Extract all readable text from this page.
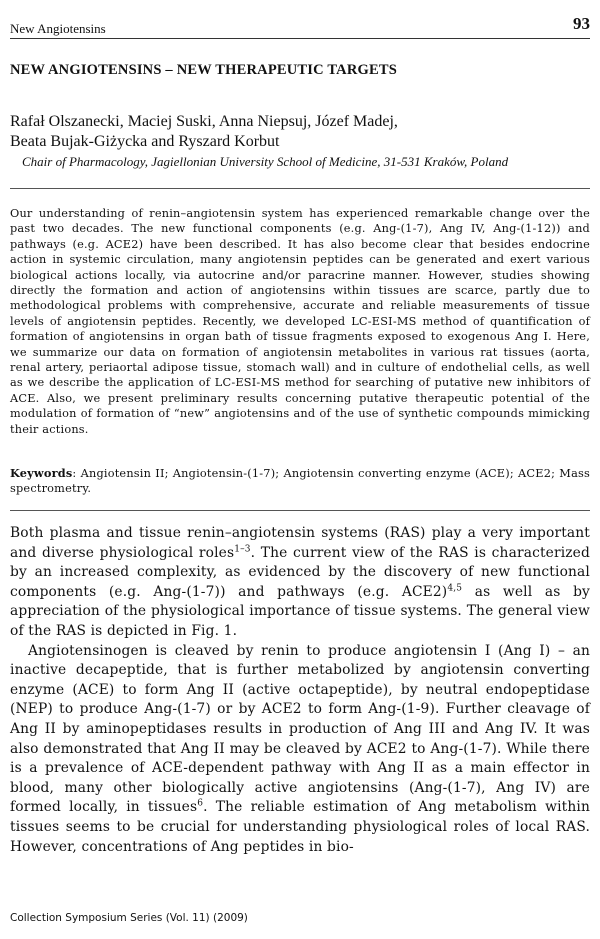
New Angiotensins	93
NEW ANGIOTENSINS – NEW THERAPEUTIC TARGETS
Rafał Olszanecki, Maciej Suski, Anna Niepsuj, Józef Madej,
Beata Bujak-Giżycka and Ryszard Korbut
Chair of Pharmacology, Jagiellonian University School of Medicine, 31-531 Kraków, Poland
Our understanding of renin–angiotensin system has experienced remarkable change over the past two decades. The new functional components (e.g. Ang-(1-7), Ang IV, Ang-(1-12)) and pathways (e.g. ACE2) have been described. It has also become clear that besides endocrine action in systemic circulation, many angiotensin peptides can be generated and exert various biological actions locally, via autocrine and/or paracrine manner. However, studies showing directly the formation and action of angiotensins within tissues are scarce, partly due to methodological problems with comprehensive, accurate and reliable measurements of tissue levels of angiotensin peptides. Recently, we developed LC-ESI-MS method of quantification of formation of angiotensins in organ bath of tissue fragments exposed to exogenous Ang I. Here, we summarize our data on formation of angiotensin metabolites in various rat tissues (aorta, renal artery, periaortal adipose tissue, stomach wall) and in culture of endothelial cells, as well as we describe the application of LC-ESI-MS method for searching of putative new inhibitors of ACE. Also, we present preliminary results concerning putative therapeutic potential of the modulation of formation of “new” angiotensins and of the use of synthetic compounds mimicking their actions.
Keywords: Angiotensin II; Angiotensin-(1-7); Angiotensin converting enzyme (ACE); ACE2; Mass spectrometry.

Both plasma and tissue renin–angiotensin systems (RAS) play a very important and diverse physiological roles$^{1-3}$. The current view of the RAS is characterized by an increased complexity, as evidenced by the discovery of new functional components (e.g. Ang-(1-7)) and pathways (e.g. ACE2)$^{4,5}$ as well as by appreciation of the physiological importance of tissue systems. The general view of the RAS is depicted in Fig. 1.

Angiotensinogen is cleaved by renin to produce angiotensin I (Ang I) – an inactive decapeptide, that is further metabolized by angiotensin converting enzyme (ACE) to form Ang II (active octapeptide), by neutral endopeptidase (NEP) to produce Ang-(1-7) or by ACE2 to form Ang-(1-9). Further cleavage of Ang II by aminopeptidases results in production of Ang III and Ang IV. It was also demonstrated that Ang II may be cleaved by ACE2 to Ang-(1-7). While there is a prevalence of ACE-dependent pathway with Ang II as a main effector in blood, many other biologically active angiotensins (Ang-(1-7), Ang IV) are formed locally, in tissues$^6$. The reliable estimation of Ang metabolism within tissues seems to be crucial for understanding physiological roles of local RAS. However, concentrations of Ang peptides in bio-

Collection Symposium Series (Vol. 11) (2009)
